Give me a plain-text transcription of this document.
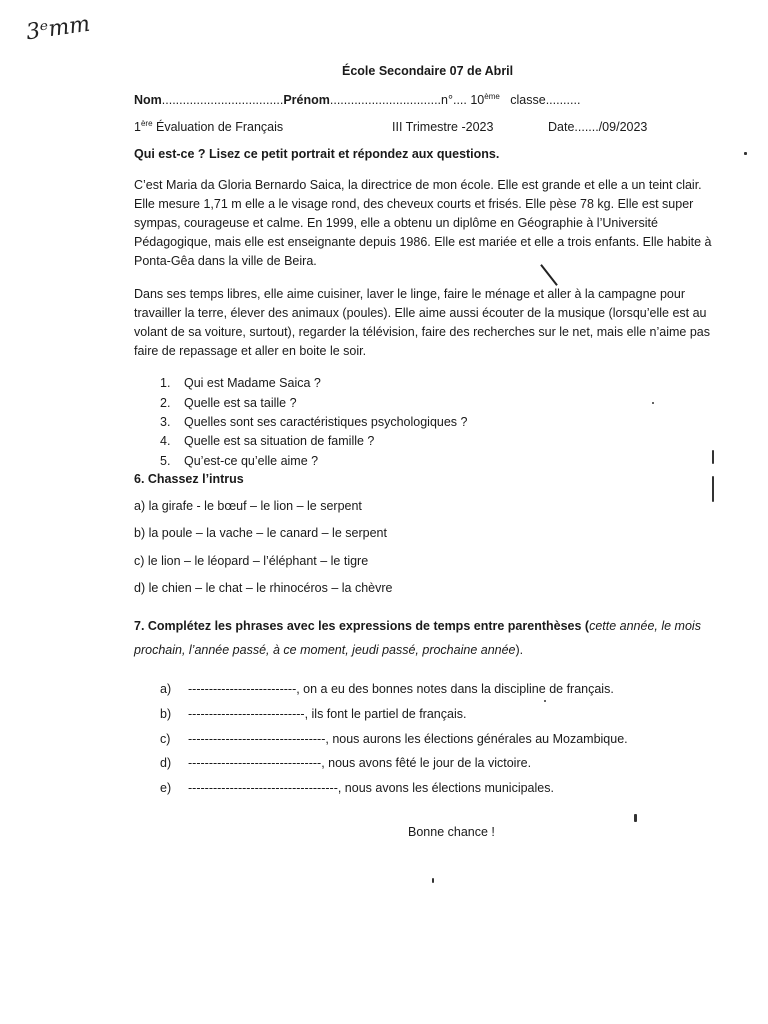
3ᵉmm
École Secondaire 07 de Abril
Nom...................................Prénom................................n°.... 10ème classe..........
1ère Évaluation de Français	III Trimestre -2023	Date......./09/2023
Qui est-ce ? Lisez ce petit portrait et répondez aux questions.
C’est Maria da Gloria Bernardo Saica, la directrice de mon école. Elle est grande et elle a un teint clair. Elle mesure 1,71 m elle a le visage rond, des cheveux courts et frisés. Elle pèse 78 kg. Elle est super sympas, courageuse et calme. En 1999, elle a obtenu un diplôme en Géographie à l’Université Pédagogique, mais elle est enseignante depuis 1986. Elle est mariée et elle a trois enfants. Elle habite à Ponta-Gêa dans la ville de Beira.
Dans ses temps libres, elle aime cuisiner, laver le linge, faire le ménage et aller à la campagne pour travailler la terre, élever des animaux (poules). Elle aime aussi écouter de la musique (lorsqu’elle est au volant de sa voiture, surtout), regarder la télévision, faire des recherches sur le net, mais elle n’aime pas faire de repassage et aller en boite le soir.
1. Qui est Madame Saica ?
2. Quelle est sa taille ?
3. Quelles sont ses caractéristiques psychologiques ?
4. Quelle est sa situation de famille ?
5. Qu’est-ce qu’elle aime ?
6. Chassez l’intrus
a) la girafe - le bœuf – le lion – le serpent
b) la poule – la vache – le canard – le serpent
c) le lion – le léopard – l’éléphant – le tigre
d) le chien – le chat – le rhinocéros – la chèvre
7. Complétez les phrases avec les expressions de temps entre parenthèses (cette année, le mois prochain, l’année passé, à ce moment, jeudi passé, prochaine année).
a) --------------------------, on a eu des bonnes notes dans la discipline de français.
b) ----------------------------, ils font le partiel de français.
c) ---------------------------------, nous aurons les élections générales au Mozambique.
d) --------------------------------, nous avons fêté le jour de la victoire.
e) ------------------------------------, nous avons les élections municipales.
Bonne chance !
